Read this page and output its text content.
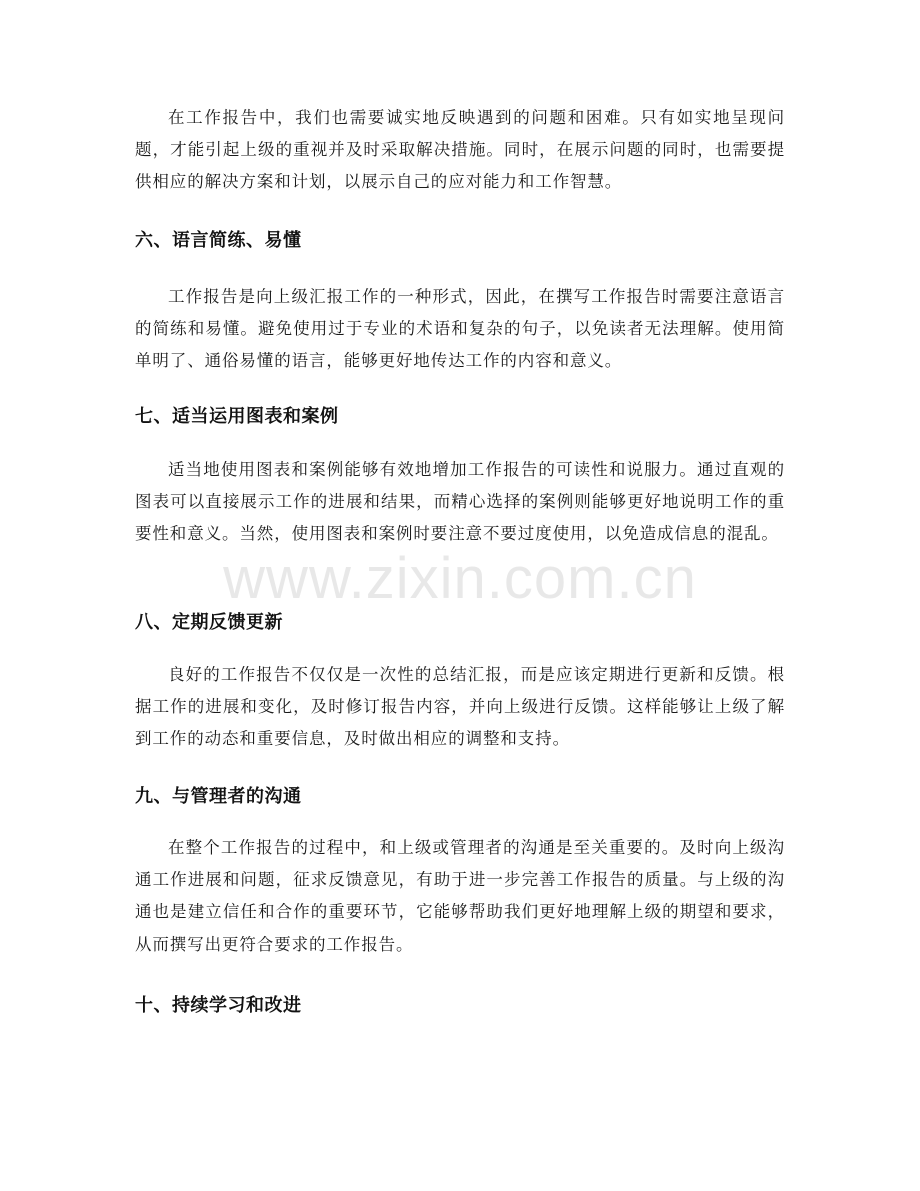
在工作报告中，我们也需要诚实地反映遇到的问题和困难。只有如实地呈现问题，才能引起上级的重视并及时采取解决措施。同时，在展示问题的同时，也需要提供相应的解决方案和计划，以展示自己的应对能力和工作智慧。

六、语言简练、易懂

工作报告是向上级汇报工作的一种形式，因此，在撰写工作报告时需要注意语言的简练和易懂。避免使用过于专业的术语和复杂的句子，以免读者无法理解。使用简单明了、通俗易懂的语言，能够更好地传达工作的内容和意义。

七、适当运用图表和案例

适当地使用图表和案例能够有效地增加工作报告的可读性和说服力。通过直观的图表可以直接展示工作的进展和结果，而精心选择的案例则能够更好地说明工作的重要性和意义。当然，使用图表和案例时要注意不要过度使用，以免造成信息的混乱。

八、定期反馈更新

良好的工作报告不仅仅是一次性的总结汇报，而是应该定期进行更新和反馈。根据工作的进展和变化，及时修订报告内容，并向上级进行反馈。这样能够让上级了解到工作的动态和重要信息，及时做出相应的调整和支持。

九、与管理者的沟通

在整个工作报告的过程中，和上级或管理者的沟通是至关重要的。及时向上级沟通工作进展和问题，征求反馈意见，有助于进一步完善工作报告的质量。与上级的沟通也是建立信任和合作的重要环节，它能够帮助我们更好地理解上级的期望和要求，从而撰写出更符合要求的工作报告。

十、持续学习和改进
www.zixin.com.cn
